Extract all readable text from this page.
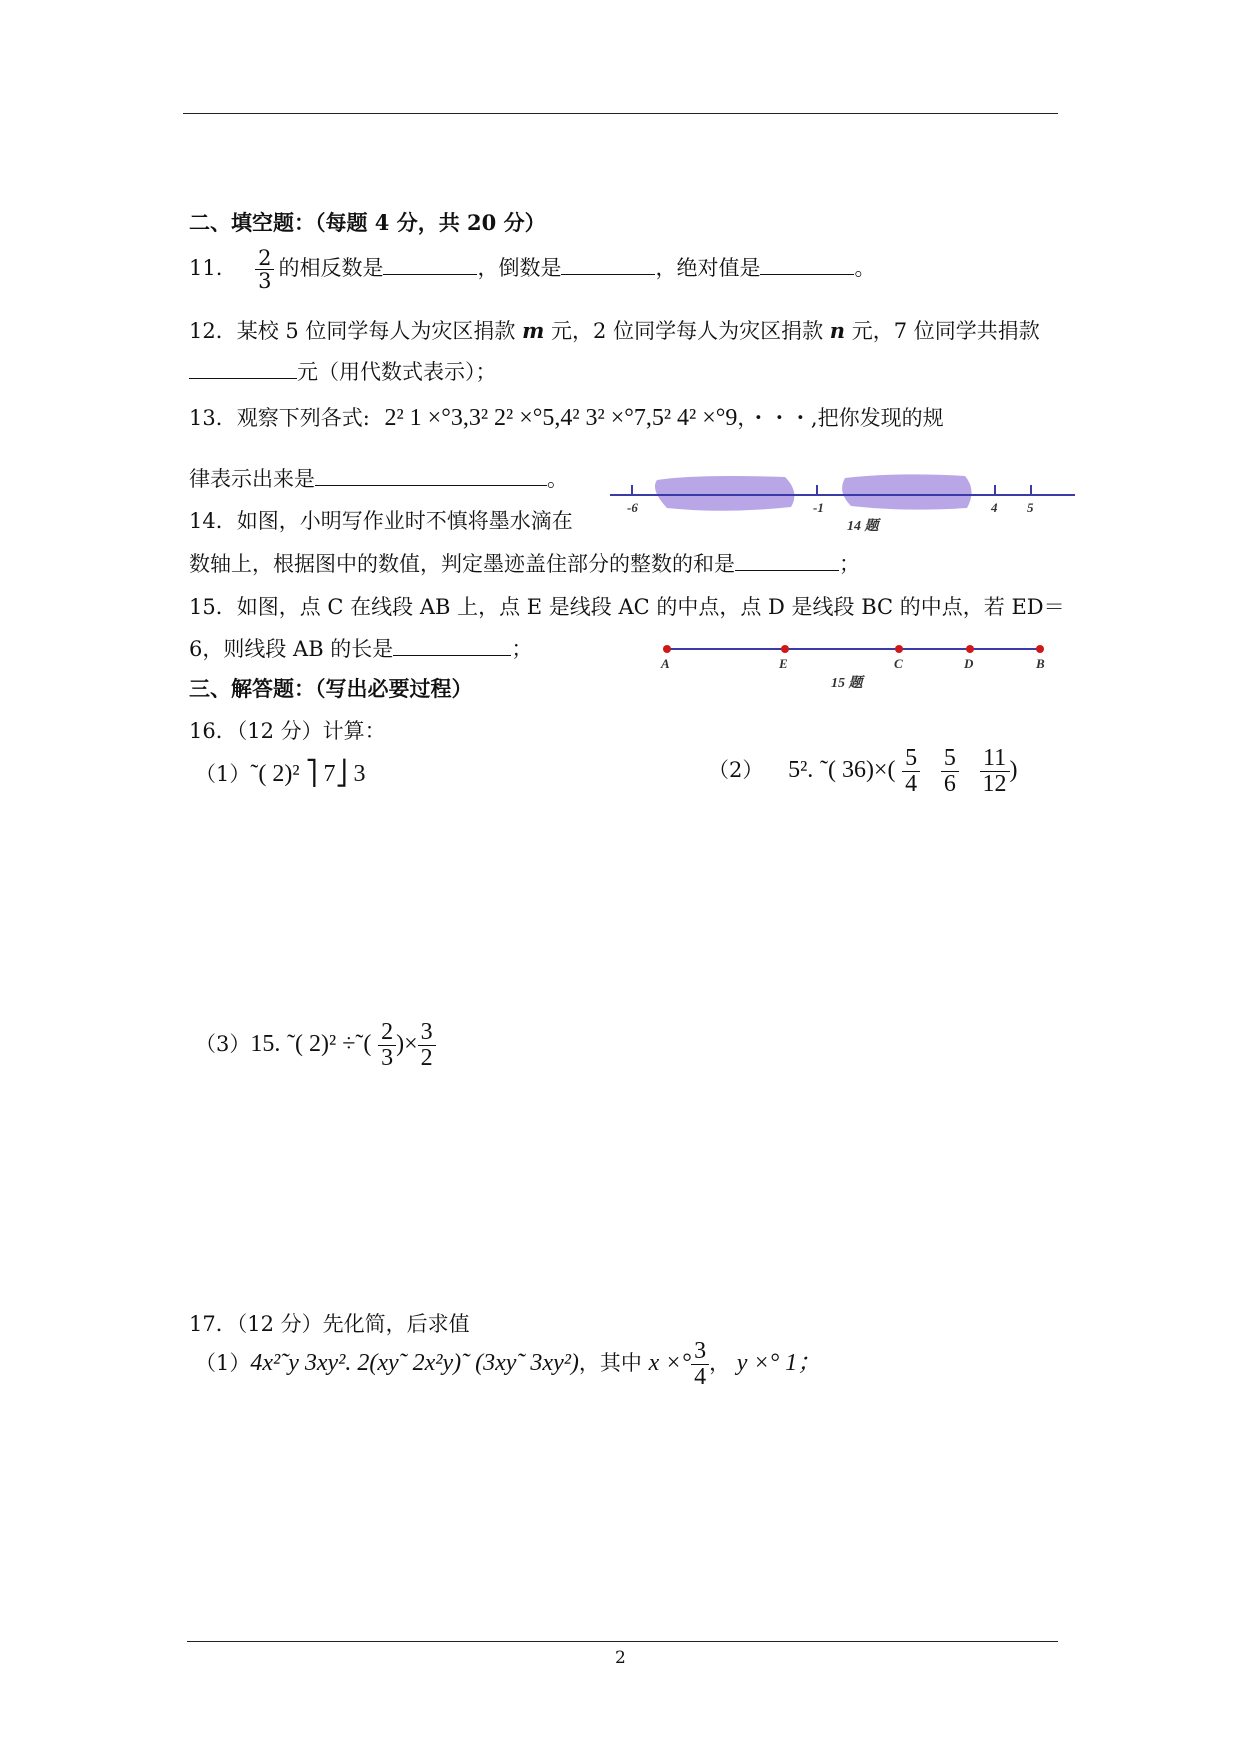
二、填空题：（每题 4 分，共 20 分）
11. $\frac{2}{3}$ 的相反数是	，倒数是	，绝对值是	。
12．某校 5 位同学每人为灾区捐款 m 元，2 位同学每人为灾区捐款 n 元，7 位同学共捐款
元（用代数式表示）；
13．观察下列各式: 2² 1 ×°3,3² 2² ×°5,4² 3² ×°7,5² 4² ×°9，・・・,把你发现的规
律表示出来是	。
14．如图，小明写作业时不慎将墨水滴在
数轴上，根据图中的数值，判定墨迹盖住部分的整数的和是	；
-6	-1	4 5
14 题
15．如图，点 C 在线段 AB 上，点 E 是线段 AC 的中点，点 D 是线段 BC 的中点，若 ED＝
6，则线段 AB 的长是	；
A	E	C	D	B
15 题
三、解答题：（写出必要过程）
16．（12 分）计算：
（1）˜( 2)² ⎤ 7⎦ 3	（2） 5². ˜( $36)\times( \frac{5}{4}$
$\frac{5}{6}$
$\frac{11}{12}$ )
（3）15. ˜( 2)² ÷˜( $\frac{2}{3}$ )× $\frac{3}{2}$
17．（12 分）先化简，后求值
（1）4x²˜y 3xy². 2(xy˜ 2x²y)˜ (3xy˜ 3xy²)，其中 x ×° $\frac{3}{4}$ ， y ×° 1；
2
